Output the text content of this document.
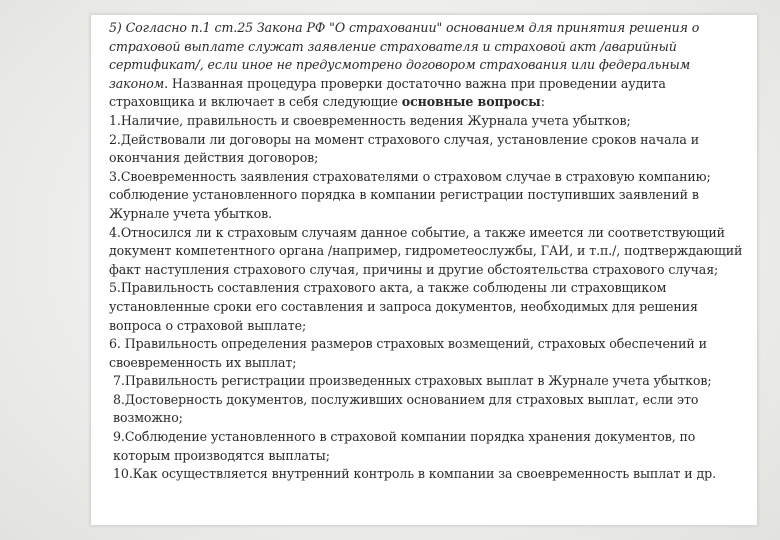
5) Согласно п.1 ст.25 Закона РФ "О страховании" основанием для принятия решения о страховой выплате служат заявление страхователя и страховой акт /аварийный сертификат/, если иное не предусмотрено договором страхования или федеральным законом. Названная процедура проверки достаточно важна при проведении аудита страховщика и включает в себя следующие основные вопросы:

1.Наличие, правильность и своевременность ведения Журнала учета убытков;

2.Действовали ли договоры на момент страхового случая, установление сроков начала и окончания действия договоров;

3.Своевременность заявления страхователями о страховом случае в страховую компанию; соблюдение установленного порядка в компании регистрации поступивших заявлений в Журнале учета убытков.

4.Относился ли к страховым случаям данное событие, а также имеется ли соответствующий документ компетентного органа /например, гидрометеослужбы, ГАИ, и т.п./, подтверждающий факт наступления страхового случая, причины и другие обстоятельства страхового случая;

5.Правильность составления страхового акта, а также соблюдены ли страховщиком установленные сроки его составления и запроса документов, необходимых для решения вопроса о страховой выплате;

6. Правильность определения размеров страховых возмещений, страховых обеспечений и своевременность их выплат;

7.Правильность регистрации произведенных страховых выплат в Журнале учета убытков;

8.Достоверность документов, послуживших основанием для страховых выплат, если это возможно;

9.Соблюдение установленного в страховой компании порядка хранения документов, по которым производятся выплаты;

10.Как осуществляется внутренний контроль в компании за своевременность выплат и др.
